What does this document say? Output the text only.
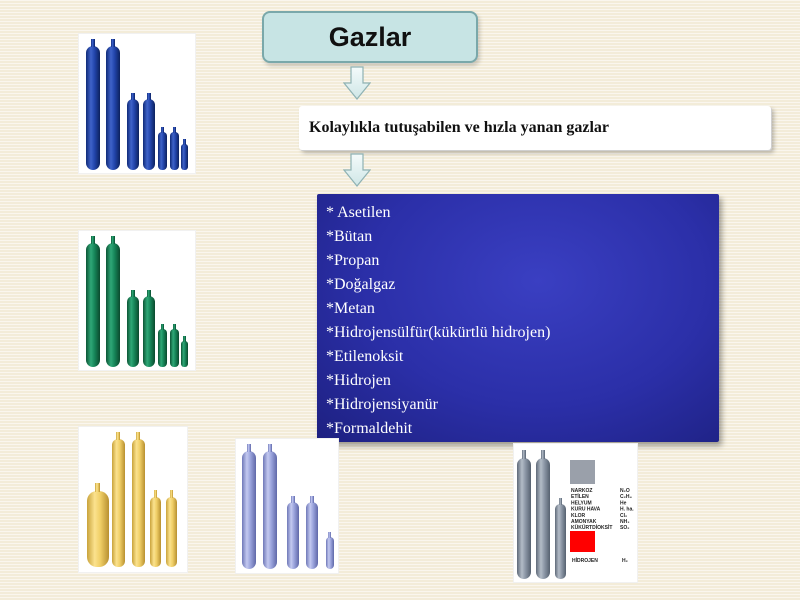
Gazlar
Kolaylıkla tutuşabilen ve hızla yanan gazlar
* Asetilen
*Bütan
*Propan
*Doğalgaz
*Metan
*Hidrojensülfür(kükürtlü hidrojen)
*Etilenoksit
*Hidrojen
*Hidrojensiyanür
*Formaldehit
NARKOZ	N₂O
ETİLEN	C₂H₄
HELYUM	He
KURU HAVA	H. ha.
KLOR	Cl₂
AMONYAK	NH₃
KÜKÜRTDİOKSİT SO₂
HİDROJEN	H₂
